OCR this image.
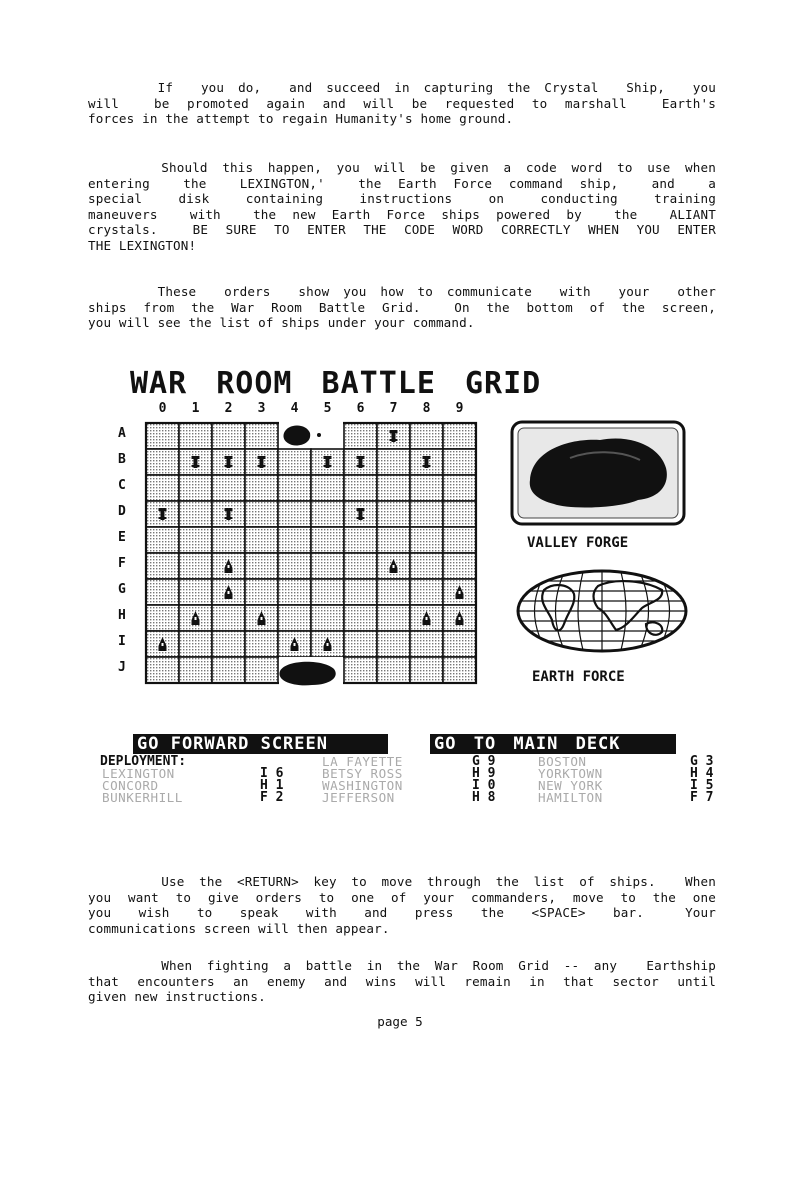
If  you do,  and succeed in capturing the Crystal  Ship,  you
will  be promoted again and will be requested to marshall  Earth's
forces in the attempt to regain Humanity's home ground.
Should this happen, you will be given a code word to use when
entering  the  LEXINGTON,'  the Earth Force command ship,  and  a
special  disk  containing  instructions  on  conducting  training
maneuvers  with  the new Earth Force ships powered by  the  ALIANT
crystals.  BE SURE TO ENTER THE CODE WORD CORRECTLY WHEN YOU ENTER
THE LEXINGTON!
These  orders  show you how to communicate  with  your  other
ships from the War Room Battle Grid.  On the bottom of the screen,
you will see the list of ships under your command.
WAR ROOM BATTLE GRID
0	1	2	3	4	5	6	7	8	9
A
B
C
D
E
F
G
H
I
J
VALLEY FORGE
EARTH FORCE
GO FORWARD SCREEN	GO TO MAIN DECK
DEPLOYMENT:
LEXINGTON	I 6
CONCORD	H 1
BUNKERHILL	F 2
LA FAYETTE	G 9
BETSY ROSS	H 9
WASHINGTON	I 0
JEFFERSON	H 8
BOSTON	G 3
YORKTOWN	H 4
NEW YORK	I 5
HAMILTON	F 7
Use the <RETURN> key to move through the list of ships.  When
you want to give orders to one of your commanders, move to the one
you  wish  to  speak  with  and  press  the  <SPACE>  bar.   Your
communications screen will then appear.
When fighting a battle in the War Room Grid -- any  Earthship
that encounters an enemy and wins will remain in that sector until
given new instructions.
page 5
